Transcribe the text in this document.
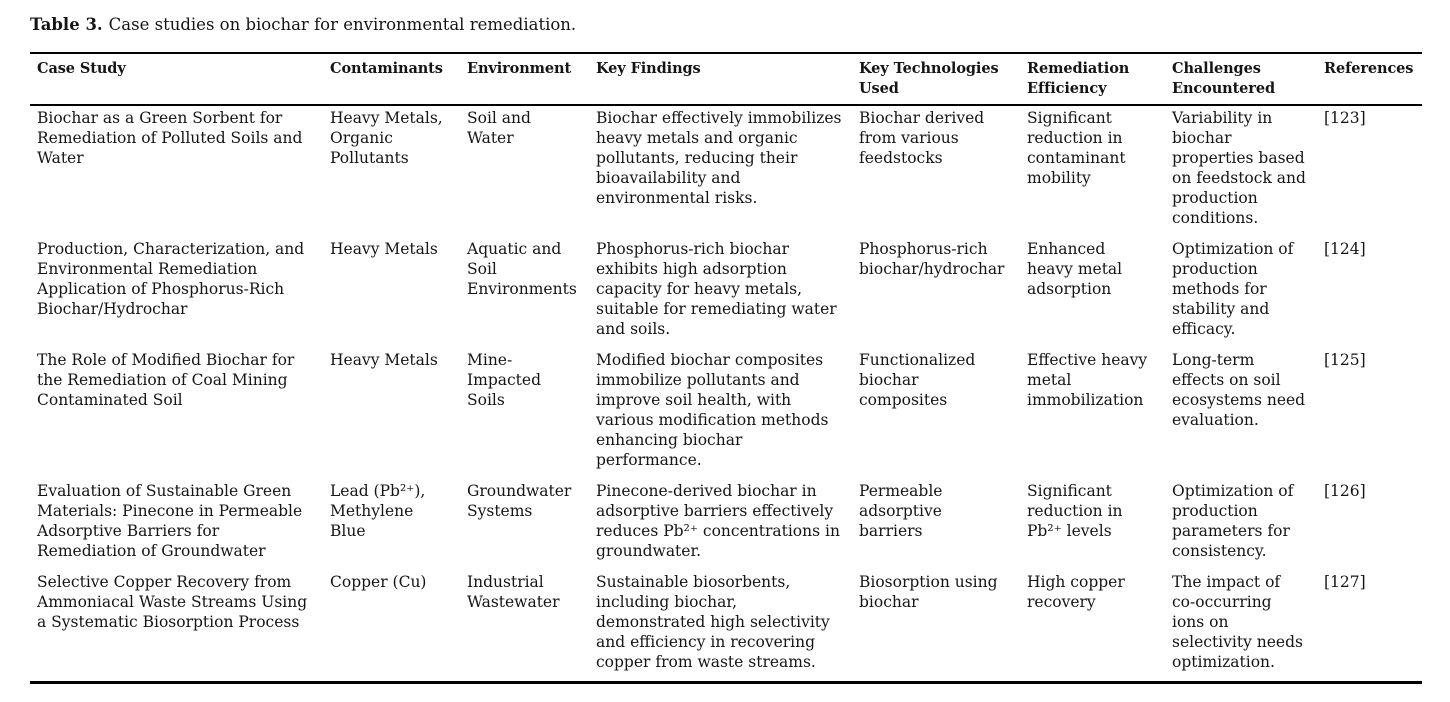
Table 3. Case studies on biochar for environmental remediation.

Case Study	Contaminants	Environment	Key Findings	Key Technologies Used	Remediation Efficiency	Challenges Encountered	References
Biochar as a Green Sorbent for Remediation of Polluted Soils and Water	Heavy Metals, Organic Pollutants	Soil and Water	Biochar effectively immobilizes heavy metals and organic pollutants, reducing their bioavailability and environmental risks.	Biochar derived from various feedstocks	Significant reduction in contaminant mobility	Variability in biochar properties based on feedstock and production conditions.	[123]
Production, Characterization, and Environmental Remediation Application of Phosphorus-Rich Biochar/Hydrochar	Heavy Metals	Aquatic and Soil Environments	Phosphorus-rich biochar exhibits high adsorption capacity for heavy metals, suitable for remediating water and soils.	Phosphorus-rich biochar/hydrochar	Enhanced heavy metal adsorption	Optimization of production methods for stability and efficacy.	[124]
The Role of Modified Biochar for the Remediation of Coal Mining Contaminated Soil	Heavy Metals	Mine-Impacted Soils	Modified biochar composites immobilize pollutants and improve soil health, with various modification methods enhancing biochar performance.	Functionalized biochar composites	Effective heavy metal immobilization	Long-term effects on soil ecosystems need evaluation.	[125]
Evaluation of Sustainable Green Materials: Pinecone in Permeable Adsorptive Barriers for Remediation of Groundwater	Lead (Pb²⁺), Methylene Blue	Groundwater Systems	Pinecone-derived biochar in adsorptive barriers effectively reduces Pb²⁺ concentrations in groundwater.	Permeable adsorptive barriers	Significant reduction in Pb²⁺ levels	Optimization of production parameters for consistency.	[126]
Selective Copper Recovery from Ammoniacal Waste Streams Using a Systematic Biosorption Process	Copper (Cu)	Industrial Wastewater	Sustainable biosorbents, including biochar, demonstrated high selectivity and efficiency in recovering copper from waste streams.	Biosorption using biochar	High copper recovery	The impact of co-occurring ions on selectivity needs optimization.	[127]
